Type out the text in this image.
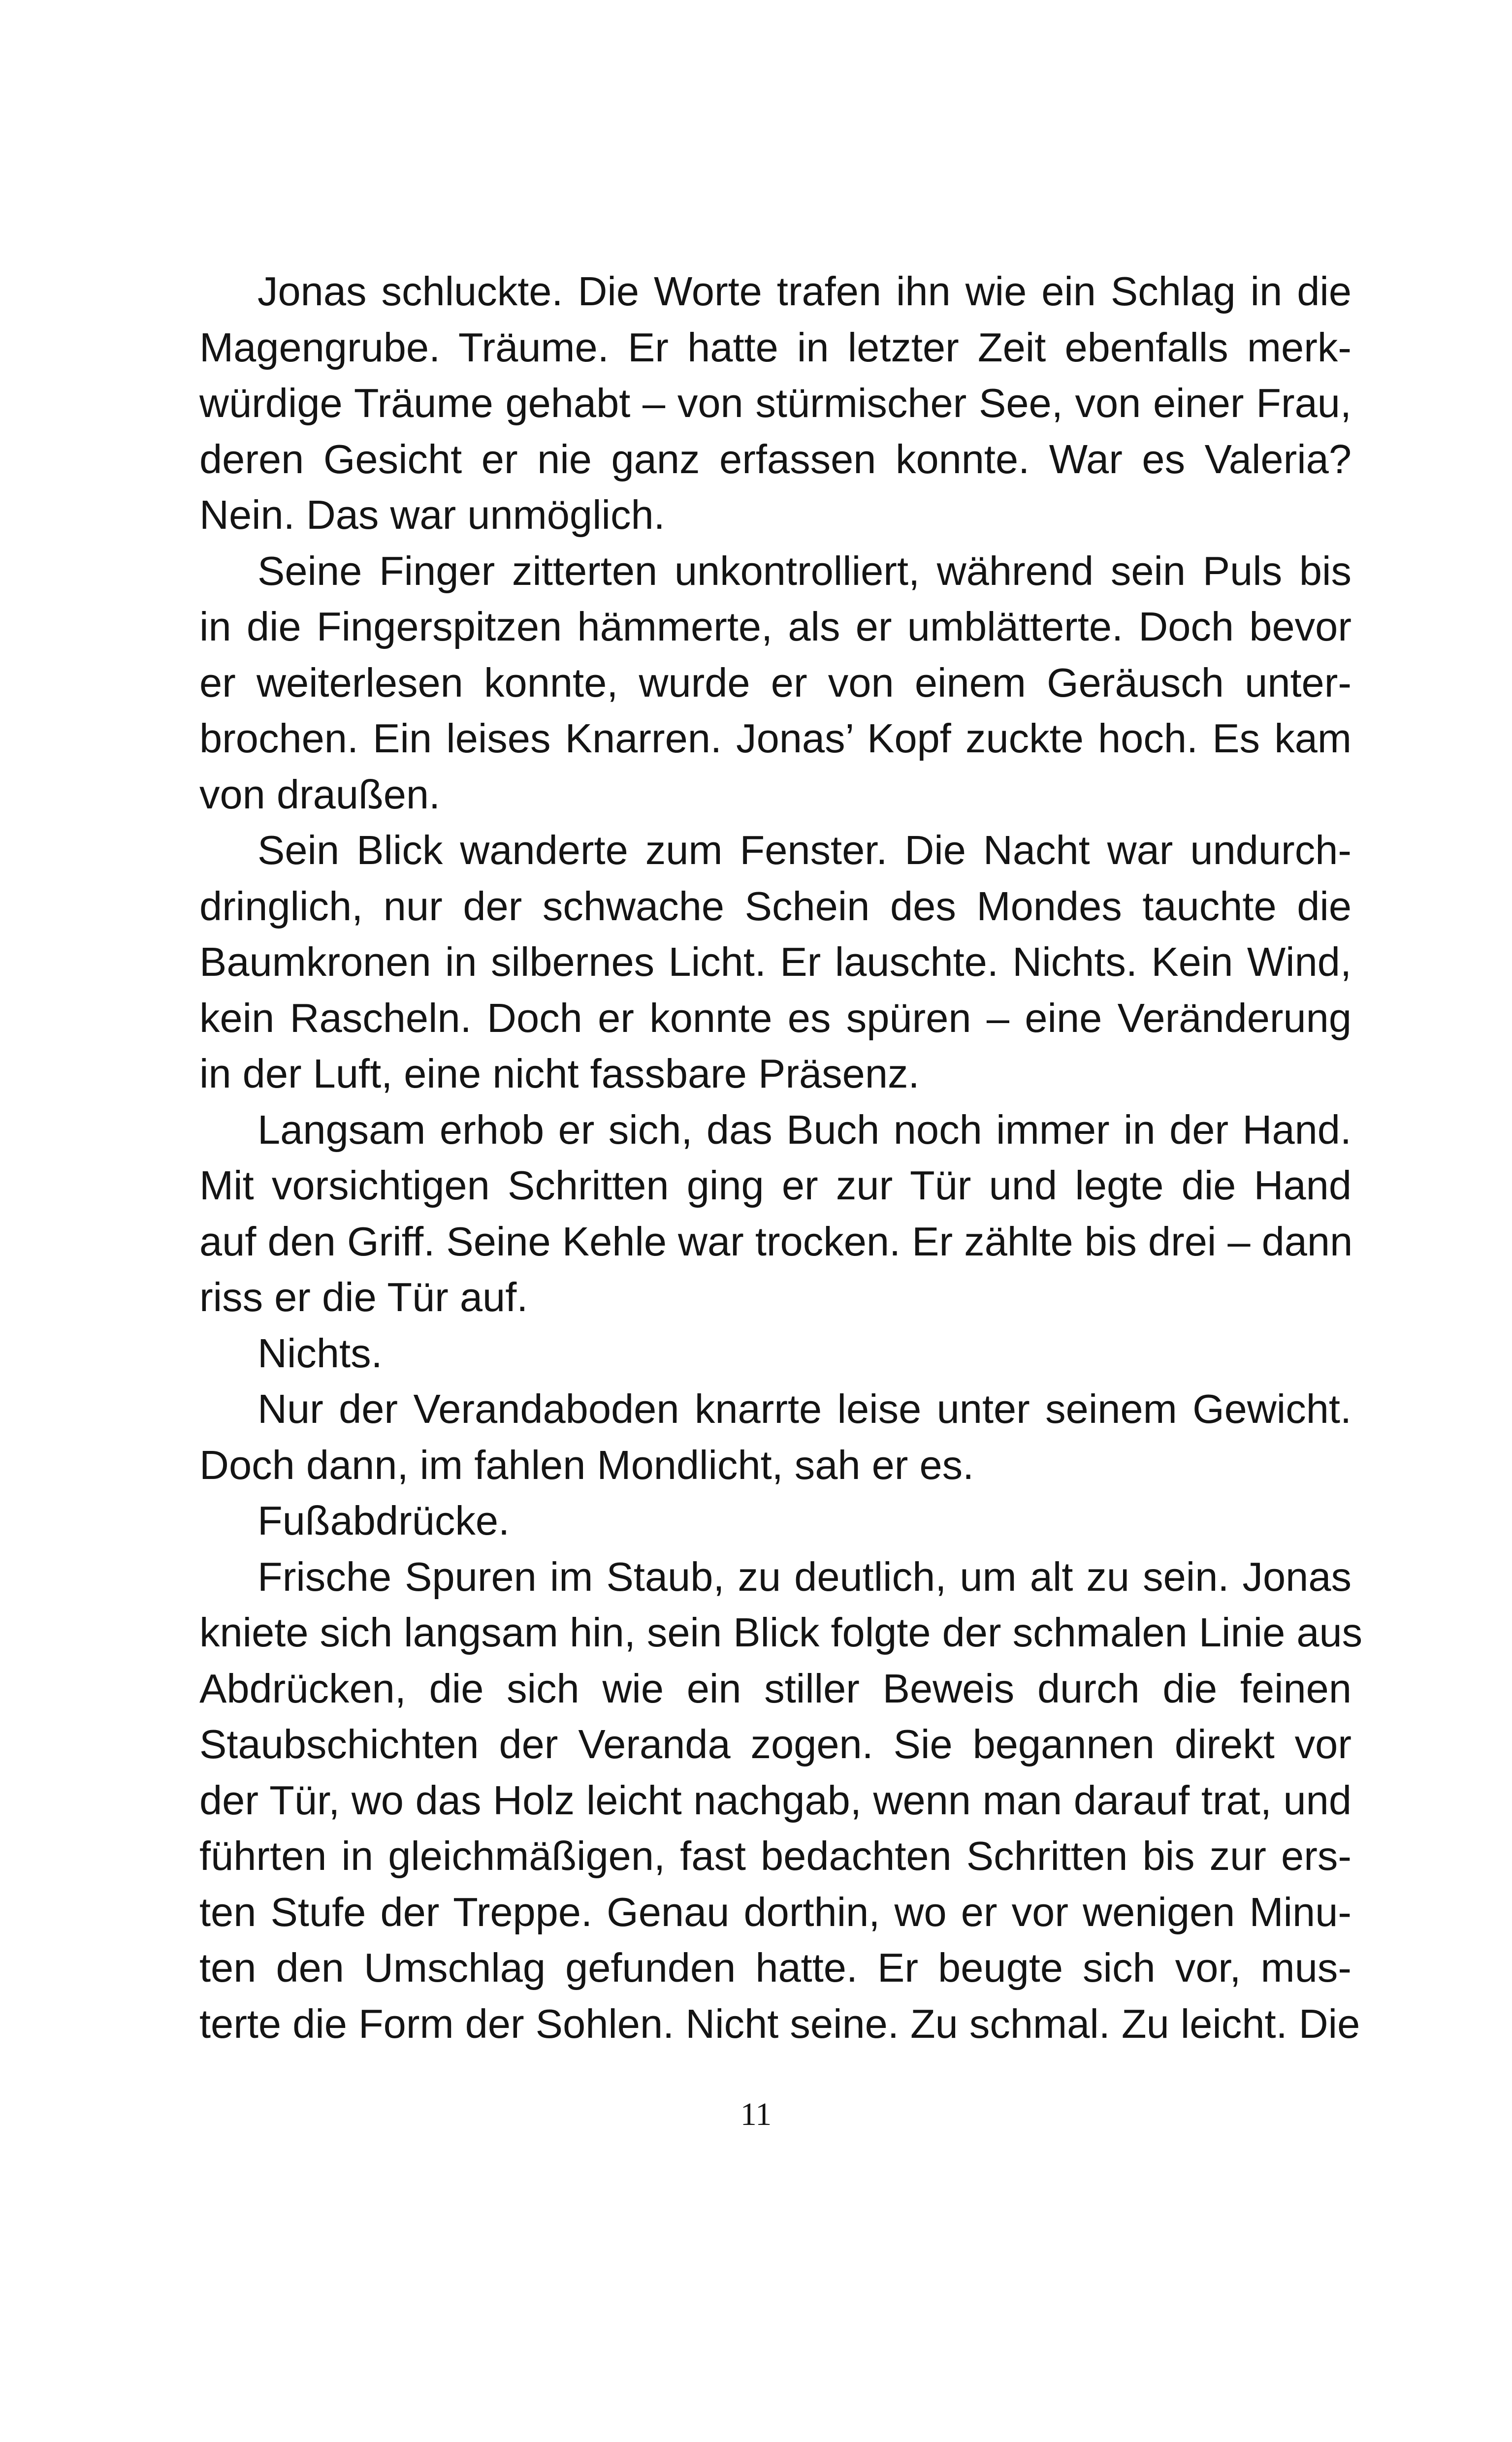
Jonas schluckte. Die Worte trafen ihn wie ein Schlag in die
Magengrube. Träume. Er hatte in letzter Zeit ebenfalls merk-
würdige Träume gehabt – von stürmischer See, von einer Frau,
deren Gesicht er nie ganz erfassen konnte. War es Valeria?
Nein. Das war unmöglich.
Seine Finger zitterten unkontrolliert, während sein Puls bis
in die Fingerspitzen hämmerte, als er umblätterte. Doch bevor
er weiterlesen konnte, wurde er von einem Geräusch unter-
brochen. Ein leises Knarren. Jonas’ Kopf zuckte hoch. Es kam
von draußen.
Sein Blick wanderte zum Fenster. Die Nacht war undurch-
dringlich, nur der schwache Schein des Mondes tauchte die
Baumkronen in silbernes Licht. Er lauschte. Nichts. Kein Wind,
kein Rascheln. Doch er konnte es spüren – eine Veränderung
in der Luft, eine nicht fassbare Präsenz.
Langsam erhob er sich, das Buch noch immer in der Hand.
Mit vorsichtigen Schritten ging er zur Tür und legte die Hand
auf den Griff. Seine Kehle war trocken. Er zählte bis drei – dann
riss er die Tür auf.
Nichts.
Nur der Verandaboden knarrte leise unter seinem Gewicht.
Doch dann, im fahlen Mondlicht, sah er es.
Fußabdrücke.
Frische Spuren im Staub, zu deutlich, um alt zu sein. Jonas
kniete sich langsam hin, sein Blick folgte der schmalen Linie aus
Abdrücken, die sich wie ein stiller Beweis durch die feinen
Staubschichten der Veranda zogen. Sie begannen direkt vor
der Tür, wo das Holz leicht nachgab, wenn man darauf trat, und
führten in gleichmäßigen, fast bedachten Schritten bis zur ers-
ten Stufe der Treppe. Genau dorthin, wo er vor wenigen Minu-
ten den Umschlag gefunden hatte. Er beugte sich vor, mus-
terte die Form der Sohlen. Nicht seine. Zu schmal. Zu leicht. Die
11
